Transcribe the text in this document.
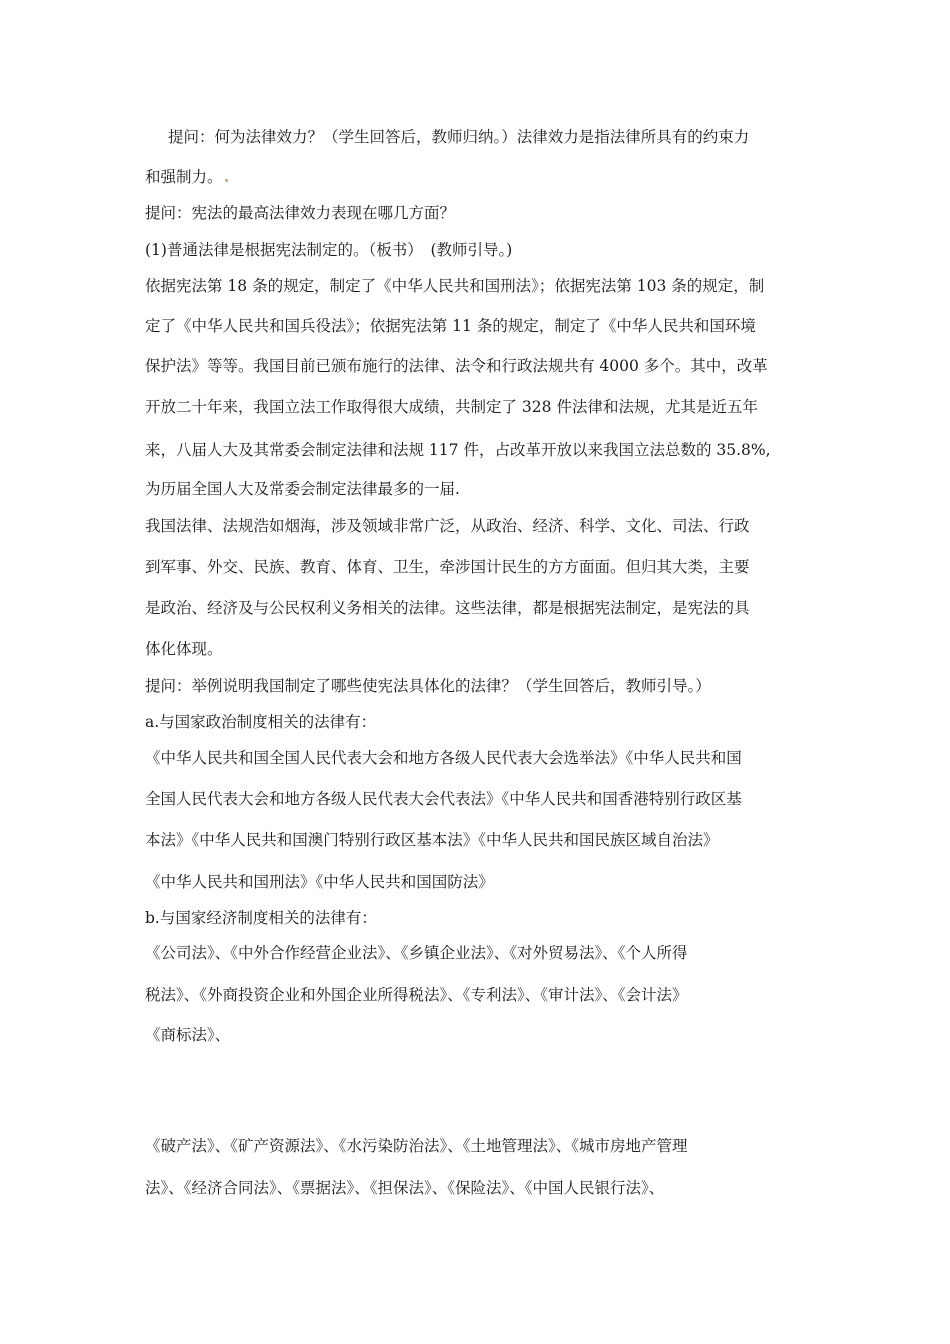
提问：何为法律效力？（学生回答后，教师归纳。）法律效力是指法律所具有的约束力
和强制力。
提问：宪法的最高法律效力表现在哪几方面？
(1)普通法律是根据宪法制定的。（板书）　(教师引导。)
依据宪法第 18 条的规定，制定了《中华人民共和国刑法》；依据宪法第 103 条的规定，制
定了《中华人民共和国兵役法》；依据宪法第 11 条的规定，制定了《中华人民共和国环境
保护法》等等。我国目前已颁布施行的法律、法令和行政法规共有 4000 多个。其中，改革
开放二十年来，我国立法工作取得很大成绩，共制定了 328 件法律和法规，尤其是近五年
来，八届人大及其常委会制定法律和法规 117 件，占改革开放以来我国立法总数的 35.8%,
为历届全国人大及常委会制定法律最多的一届.
我国法律、法规浩如烟海，涉及领域非常广泛，从政治、经济、科学、文化、司法、行政
到军事、外交、民族、教育、体育、卫生，牵涉国计民生的方方面面。但归其大类，主要
是政治、经济及与公民权利义务相关的法律。这些法律，都是根据宪法制定，是宪法的具
体化体现。
提问：举例说明我国制定了哪些使宪法具体化的法律？（学生回答后，教师引导。）
a.与国家政治制度相关的法律有：
《中华人民共和国全国人民代表大会和地方各级人民代表大会选举法》《中华人民共和国
全国人民代表大会和地方各级人民代表大会代表法》《中华人民共和国香港特别行政区基
本法》《中华人民共和国澳门特别行政区基本法》《中华人民共和国民族区域自治法》
《中华人民共和国刑法》《中华人民共和国国防法》
b.与国家经济制度相关的法律有：
《公司法》、《中外合作经营企业法》、《乡镇企业法》、《对外贸易法》、《个人所得
税法》、《外商投资企业和外国企业所得税法》、《专利法》、《审计法》、《会计法》
《商标法》、
《破产法》、《矿产资源法》、《水污染防治法》、《土地管理法》、《城市房地产管理
法》、《经济合同法》、《票据法》、《担保法》、《保险法》、《中国人民银行法》、
